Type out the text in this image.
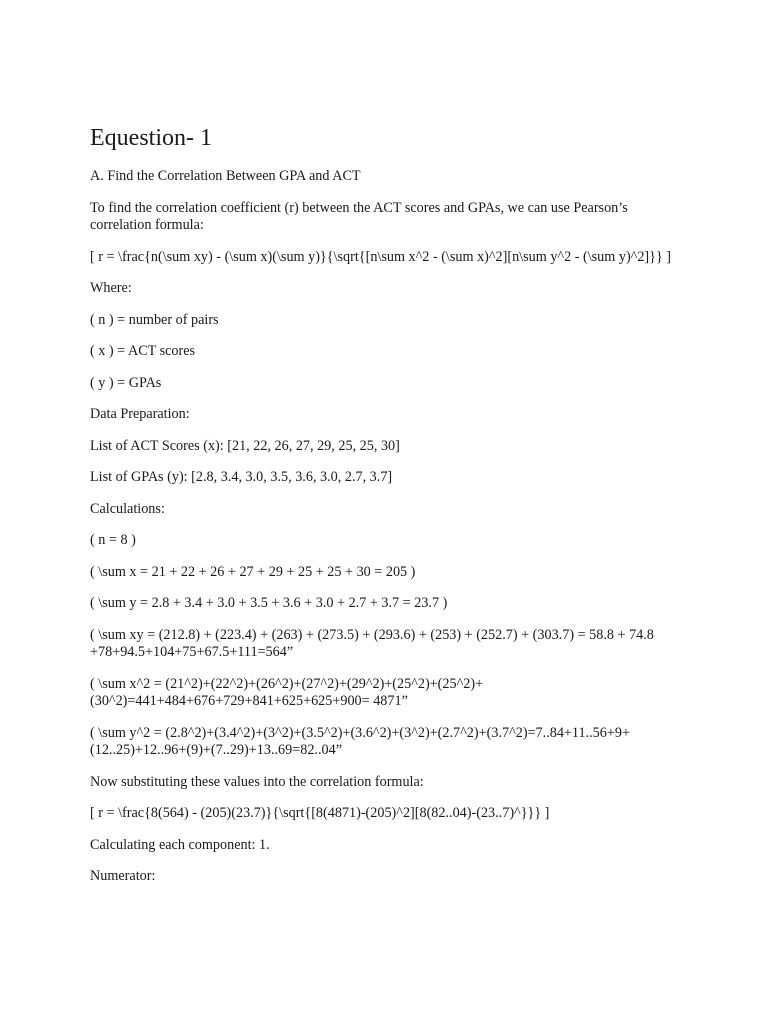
Equestion- 1

A. Find the Correlation Between GPA and ACT

To find the correlation coefficient (r) between the ACT scores and GPAs, we can use Pearson’s correlation formula:

[ r = \frac{n(\sum xy) - (\sum x)(\sum y)}{\sqrt{[n\sum x^2 - (\sum x)^2][n\sum y^2 - (\sum y)^2]}} ]

Where:

( n ) = number of pairs

( x ) = ACT scores

( y ) = GPAs

Data Preparation:

List of ACT Scores (x): [21, 22, 26, 27, 29, 25, 25, 30]

List of GPAs (y): [2.8, 3.4, 3.0, 3.5, 3.6, 3.0, 2.7, 3.7]

Calculations:

( n = 8 )

( \sum x = 21 + 22 + 26 + 27 + 29 + 25 + 25 + 30 = 205 )

( \sum y = 2.8 + 3.4 + 3.0 + 3.5 + 3.6 + 3.0 + 2.7 + 3.7 = 23.7 )

( \sum xy = (212.8) + (223.4) + (263) + (273.5) + (293.6) + (253) + (252.7) + (303.7) = 58.8 + 74.8 +78+94.5+104+75+67.5+111=564”

( \sum x^2 = (21^2)+(22^2)+(26^2)+(27^2)+(29^2)+(25^2)+(25^2)+(30^2)=441+484+676+729+841+625+625+900= 4871”

( \sum y^2 = (2.8^2)+(3.4^2)+(3^2)+(3.5^2)+(3.6^2)+(3^2)+(2.7^2)+(3.7^2)=7..84+11..56+9+(12..25)+12..96+(9)+(7..29)+13..69=82..04”

Now substituting these values into the correlation formula:

[ r = \frac{8(564) - (205)(23.7)}{\sqrt{[8(4871)-(205)^2][8(82..04)-(23..7)^}}} ]

Calculating each component: 1.

Numerator:
